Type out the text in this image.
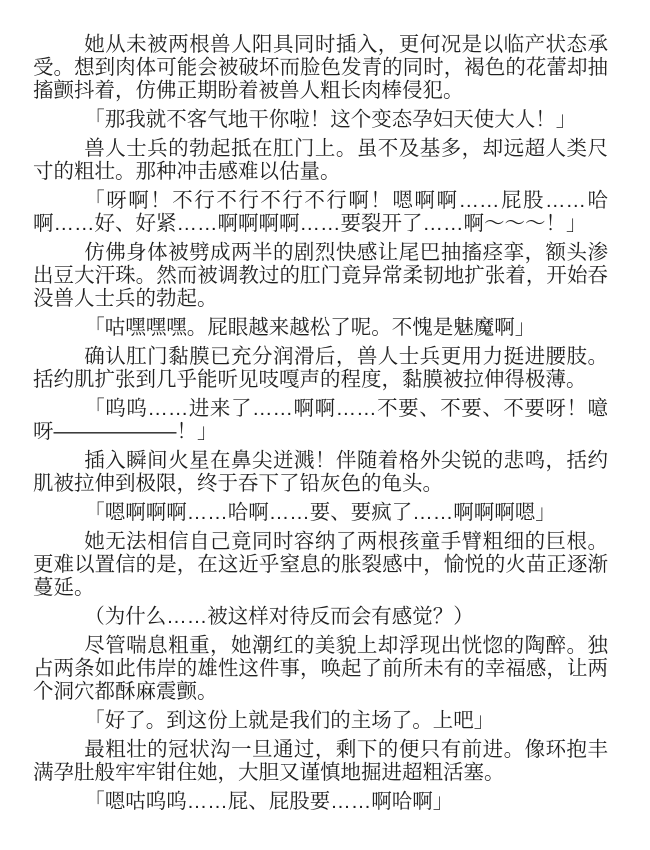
她从未被两根兽人阳具同时插入，更何况是以临产状态承受。想到肉体可能会被破坏而脸色发青的同时，褐色的花蕾却抽搐颤抖着，仿佛正期盼着被兽人粗长肉棒侵犯。

「那我就不客气地干你啦！这个变态孕妇天使大人！」

兽人士兵的勃起抵在肛门上。虽不及基多，却远超人类尺寸的粗壮。那种冲击感难以估量。

「呀啊！不行不行不行不行啊！嗯啊啊……屁股……哈啊……好、好紧……啊啊啊啊……要裂开了……啊～～～！」

仿佛身体被劈成两半的剧烈快感让尾巴抽搐痉挛，额头渗出豆大汗珠。然而被调教过的肛门竟异常柔韧地扩张着，开始吞没兽人士兵的勃起。

「咕嘿嘿嘿。屁眼越来越松了呢。不愧是魅魔啊」

确认肛门黏膜已充分润滑后，兽人士兵更用力挺进腰肢。括约肌扩张到几乎能听见吱嘎声的程度，黏膜被拉伸得极薄。

「呜呜……进来了……啊啊……不要、不要、不要呀！噫呀——————！」

插入瞬间火星在鼻尖迸溅！伴随着格外尖锐的悲鸣，括约肌被拉伸到极限，终于吞下了铅灰色的龟头。

「嗯啊啊啊……哈啊……要、要疯了……啊啊啊嗯」

她无法相信自己竟同时容纳了两根孩童手臂粗细的巨根。更难以置信的是，在这近乎窒息的胀裂感中，愉悦的火苗正逐渐蔓延。

（为什么……被这样对待反而会有感觉？）

尽管喘息粗重，她潮红的美貌上却浮现出恍惚的陶醉。独占两条如此伟岸的雄性这件事，唤起了前所未有的幸福感，让两个洞穴都酥麻震颤。

「好了。到这份上就是我们的主场了。上吧」

最粗壮的冠状沟一旦通过，剩下的便只有前进。像环抱丰满孕肚般牢牢钳住她，大胆又谨慎地掘进超粗活塞。

「嗯咕呜呜……屁、屁股要……啊哈啊」
